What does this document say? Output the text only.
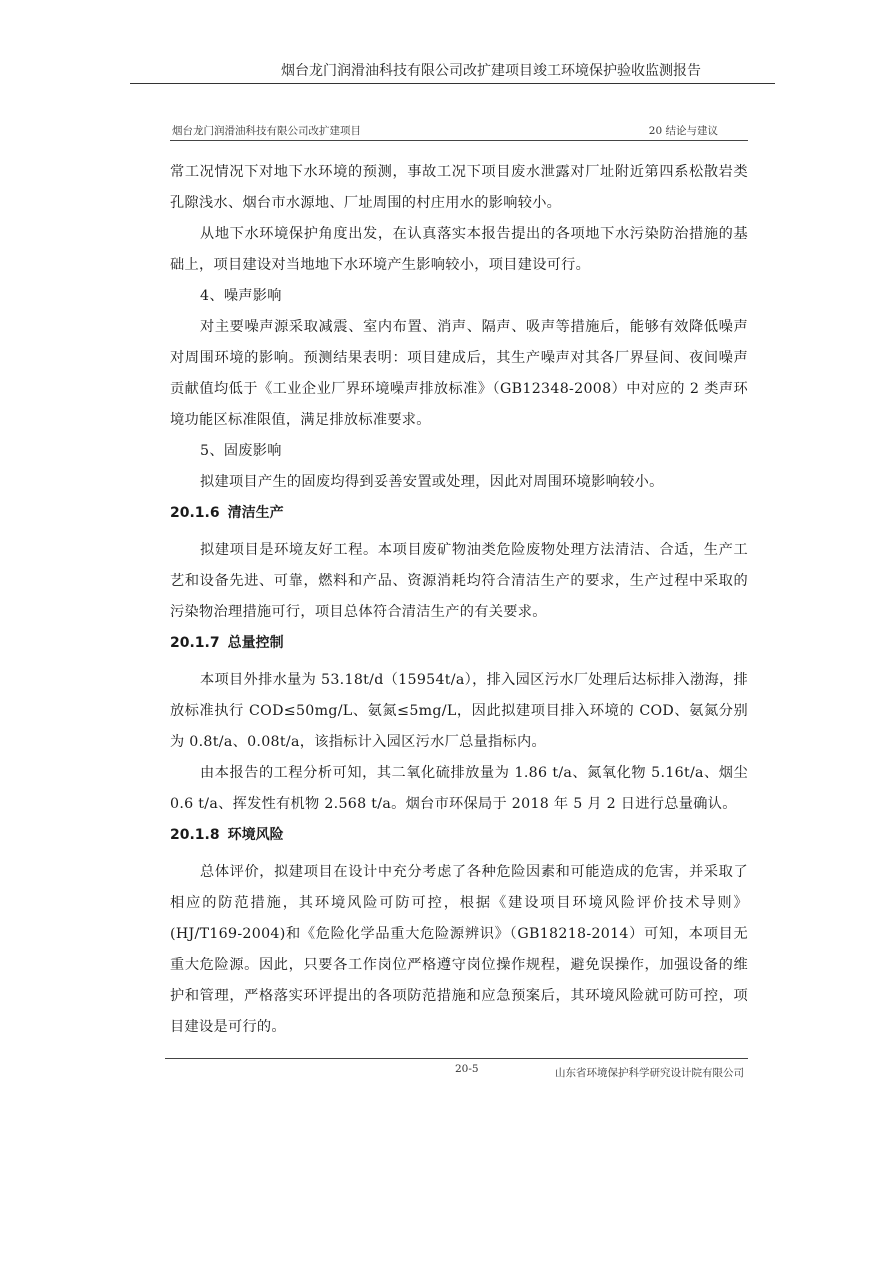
烟台龙门润滑油科技有限公司改扩建项目竣工环境保护验收监测报告
烟台龙门润滑油科技有限公司改扩建项目	20 结论与建议

常工况情况下对地下水环境的预测，事故工况下项目废水泄露对厂址附近第四系松散岩类孔隙浅水、烟台市水源地、厂址周围的村庄用水的影响较小。

从地下水环境保护角度出发，在认真落实本报告提出的各项地下水污染防治措施的基础上，项目建设对当地地下水环境产生影响较小，项目建设可行。

4、噪声影响

对主要噪声源采取减震、室内布置、消声、隔声、吸声等措施后，能够有效降低噪声对周围环境的影响。预测结果表明：项目建成后，其生产噪声对其各厂界昼间、夜间噪声贡献值均低于《工业企业厂界环境噪声排放标准》（GB12348-2008）中对应的 2 类声环境功能区标准限值，满足排放标准要求。

5、固废影响

拟建项目产生的固废均得到妥善安置或处理，因此对周围环境影响较小。

20.1.6 清洁生产

拟建项目是环境友好工程。本项目废矿物油类危险废物处理方法清洁、合适，生产工艺和设备先进、可靠，燃料和产品、资源消耗均符合清洁生产的要求，生产过程中采取的污染物治理措施可行，项目总体符合清洁生产的有关要求。

20.1.7 总量控制

本项目外排水量为 53.18t/d（15954t/a），排入园区污水厂处理后达标排入渤海，排放标准执行 COD≤50mg/L、氨氮≤5mg/L，因此拟建项目排入环境的 COD、氨氮分别为 0.8t/a、0.08t/a，该指标计入园区污水厂总量指标内。

由本报告的工程分析可知，其二氧化硫排放量为 1.86 t/a、氮氧化物 5.16t/a、烟尘 0.6 t/a、挥发性有机物 2.568 t/a。烟台市环保局于 2018 年 5 月 2 日进行总量确认。

20.1.8 环境风险

总体评价，拟建项目在设计中充分考虑了各种危险因素和可能造成的危害，并采取了相应的防范措施，其环境风险可防可控，根据《建设项目环境风险评价技术导则》(HJ/T169-2004)和《危险化学品重大危险源辨识》（GB18218-2014）可知，本项目无重大危险源。因此，只要各工作岗位严格遵守岗位操作规程，避免误操作，加强设备的维护和管理，严格落实环评提出的各项防范措施和应急预案后，其环境风险就可防可控，项目建设是可行的。

20-5	山东省环境保护科学研究设计院有限公司
